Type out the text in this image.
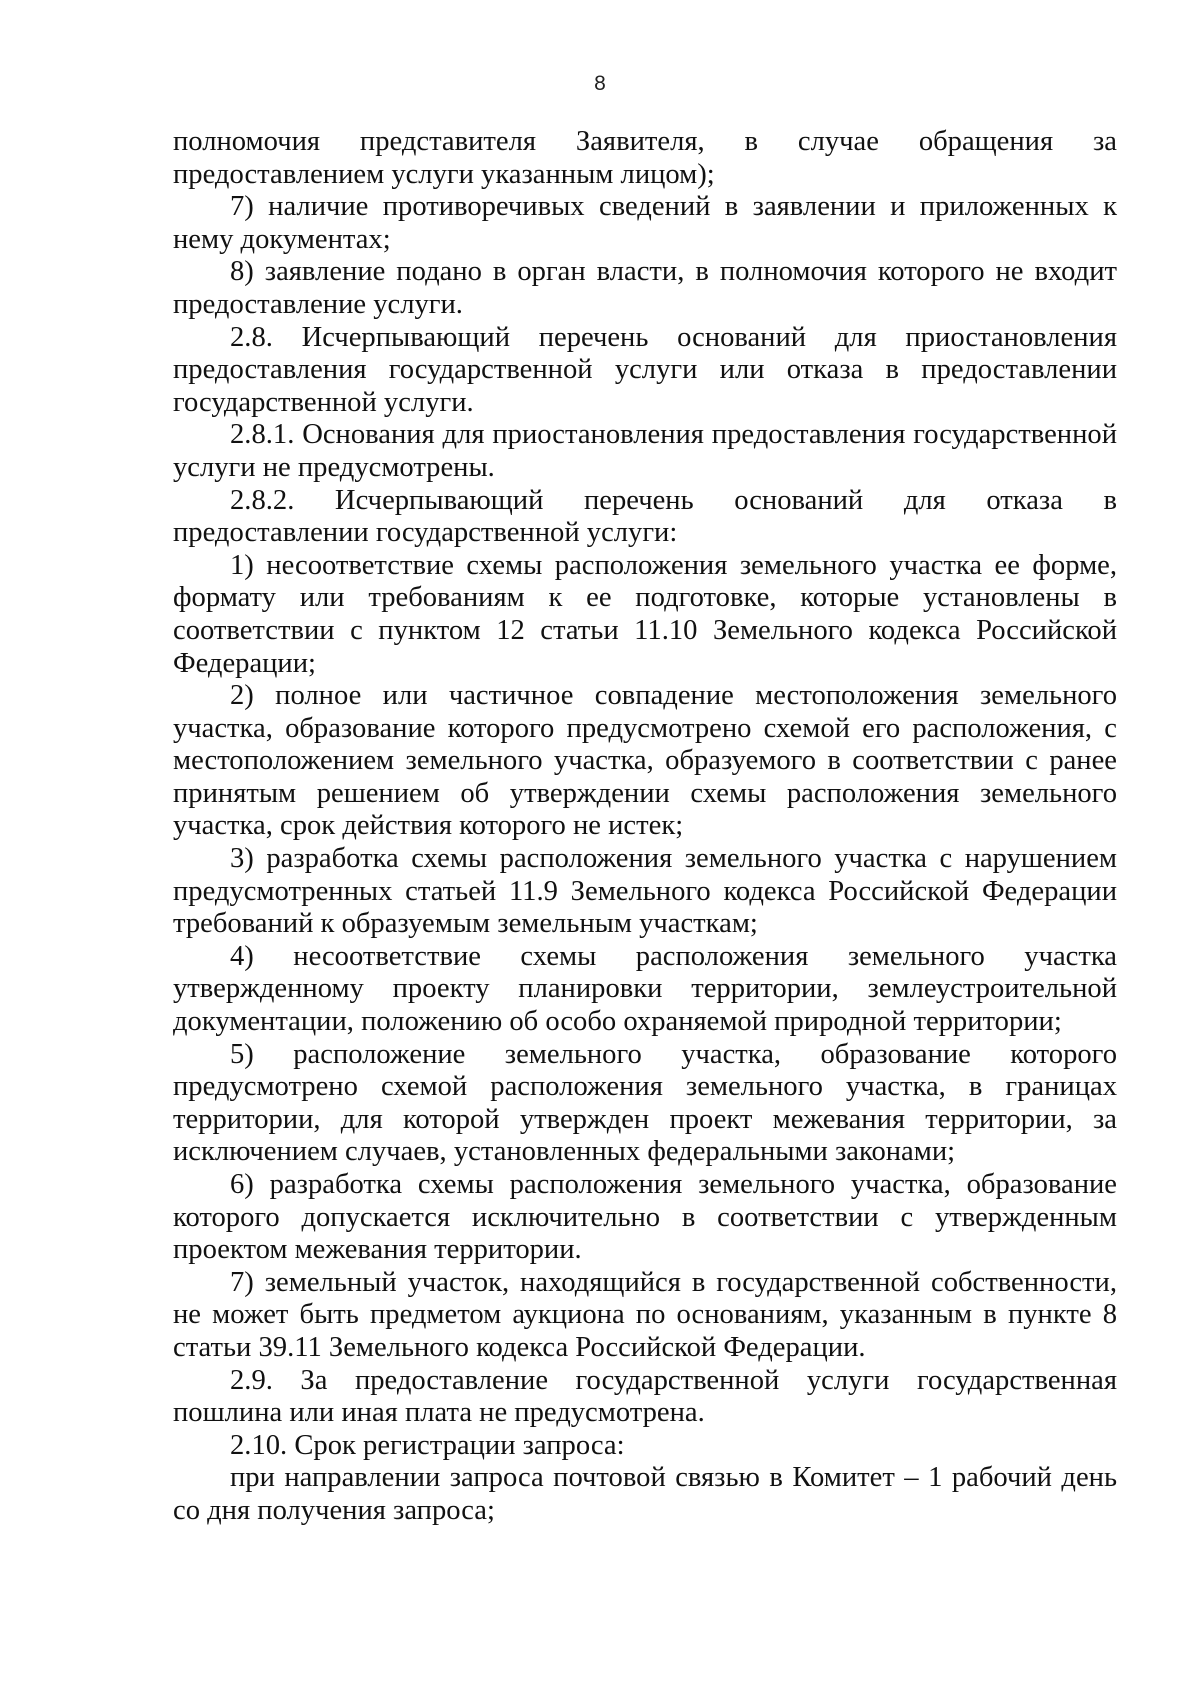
8

полномочия представителя Заявителя, в случае обращения за предоставлением услуги указанным лицом);

7) наличие противоречивых сведений в заявлении и приложенных к нему документах;

8) заявление подано в орган власти, в полномочия которого не входит предоставление услуги.

2.8. Исчерпывающий перечень оснований для приостановления предоставления государственной услуги или отказа в предоставлении государственной услуги.

2.8.1. Основания для приостановления предоставления государственной услуги не предусмотрены.

2.8.2. Исчерпывающий перечень оснований для отказа в предоставлении государственной услуги:

1) несоответствие схемы расположения земельного участка ее форме, формату или требованиям к ее подготовке, которые установлены в соответствии с пунктом 12 статьи 11.10 Земельного кодекса Российской Федерации;

2) полное или частичное совпадение местоположения земельного участка, образование которого предусмотрено схемой его расположения, с местоположением земельного участка, образуемого в соответствии с ранее принятым решением об утверждении схемы расположения земельного участка, срок действия которого не истек;

3) разработка схемы расположения земельного участка с нарушением предусмотренных статьей 11.9 Земельного кодекса Российской Федерации требований к образуемым земельным участкам;

4) несоответствие схемы расположения земельного участка утвержденному проекту планировки территории, землеустроительной документации, положению об особо охраняемой природной территории;

5) расположение земельного участка, образование которого предусмотрено схемой расположения земельного участка, в границах территории, для которой утвержден проект межевания территории, за исключением случаев, установленных федеральными законами;

6) разработка схемы расположения земельного участка, образование которого допускается исключительно в соответствии с утвержденным проектом межевания территории.

7) земельный участок, находящийся в государственной собственности, не может быть предметом аукциона по основаниям, указанным в пункте 8 статьи 39.11 Земельного кодекса Российской Федерации.

2.9. За предоставление государственной услуги государственная пошлина или иная плата не предусмотрена.

2.10. Срок регистрации запроса:

при направлении запроса почтовой связью в Комитет – 1 рабочий день со дня получения запроса;
